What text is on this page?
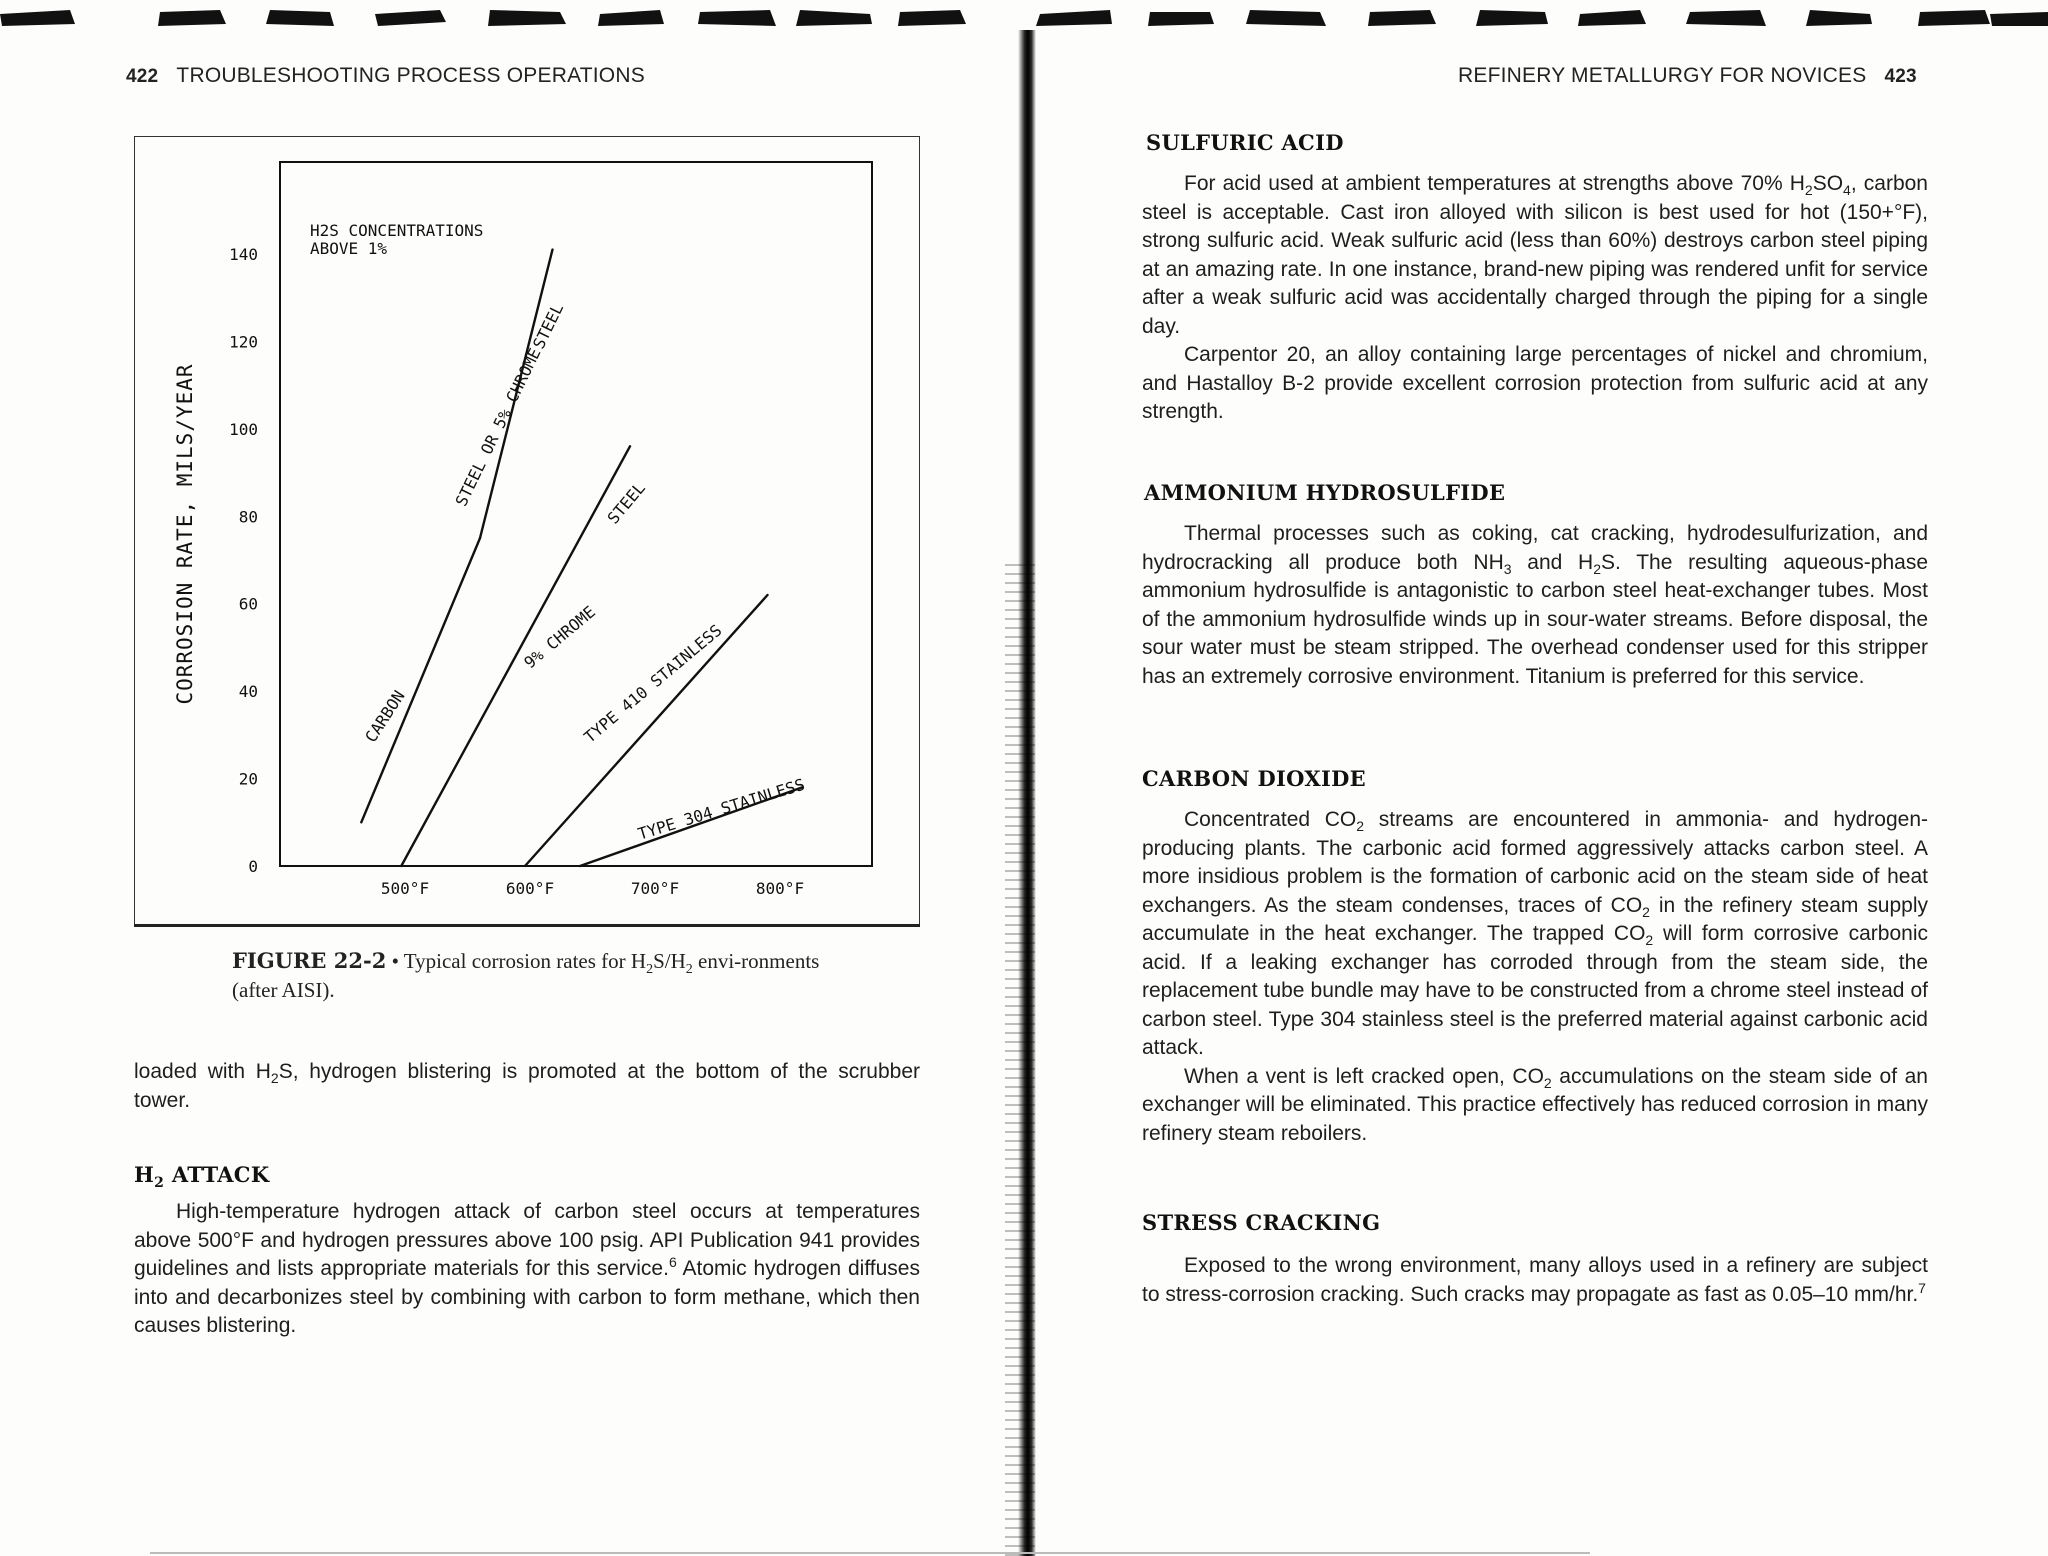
422 TROUBLESHOOTING PROCESS OPERATIONS
0
20
40
60
80
100
120
140
500°F	600°F	700°F	800°F
CARBON
STEEL OR 5% CHROME
STEEL
9% CHROME
STEEL
TYPE 410 STAINLESS
TYPE 304 STAINLESS
CORROSION RATE, MILS/YEAR
H2S CONCENTRATIONS
ABOVE 1%
FIGURE 22-2 • Typical corrosion rates for $H_2S/H_2$ envi-ronments (after AISI).

loaded with $H_2S$, hydrogen blistering is promoted at the bottom of the scrubber tower.

$H_2$ ATTACK

High-temperature hydrogen attack of carbon steel occurs at temperatures above 500°F and hydrogen pressures above 100 psig. API Publication 941 provides guidelines and lists appropriate materials for this service.$^6$ Atomic hydrogen diffuses into and decarbonizes steel by combining with carbon to form methane, which then causes blistering.

REFINERY METALLURGY FOR NOVICES 423
SULFURIC ACID

For acid used at ambient temperatures at strengths above 70% $H_2SO_4$, carbon steel is acceptable. Cast iron alloyed with silicon is best used for hot (150+°F), strong sulfuric acid. Weak sulfuric acid (less than 60%) destroys carbon steel piping at an amazing rate. In one instance, brand-new piping was rendered unfit for service after a weak sulfuric acid was accidentally charged through the piping for a single day.

Carpentor 20, an alloy containing large percentages of nickel and chromium, and Hastalloy B-2 provide excellent corrosion protection from sulfuric acid at any strength.

AMMONIUM HYDROSULFIDE

Thermal processes such as coking, cat cracking, hydrodesulfurization, and hydrocracking all produce both $NH_3$ and $H_2S$. The resulting aqueous-phase ammonium hydrosulfide is antagonistic to carbon steel heat-exchanger tubes. Most of the ammonium hydrosulfide winds up in sour-water streams. Before disposal, the sour water must be steam stripped. The overhead condenser used for this stripper has an extremely corrosive environment. Titanium is preferred for this service.

CARBON DIOXIDE

Concentrated $CO_2$ streams are encountered in ammonia- and hydrogen-producing plants. The carbonic acid formed aggressively attacks carbon steel. A more insidious problem is the formation of carbonic acid on the steam side of heat exchangers. As the steam condenses, traces of $CO_2$ in the refinery steam supply accumulate in the heat exchanger. The trapped $CO_2$ will form corrosive carbonic acid. If a leaking exchanger has corroded through from the steam side, the replacement tube bundle may have to be constructed from a chrome steel instead of carbon steel. Type 304 stainless steel is the preferred material against carbonic acid attack.

When a vent is left cracked open, $CO_2$ accumulations on the steam side of an exchanger will be eliminated. This practice effectively has reduced corrosion in many refinery steam reboilers.

STRESS CRACKING

Exposed to the wrong environment, many alloys used in a refinery are subject to stress-corrosion cracking. Such cracks may propagate as fast as 0.05–10 mm/hr.$^7$
